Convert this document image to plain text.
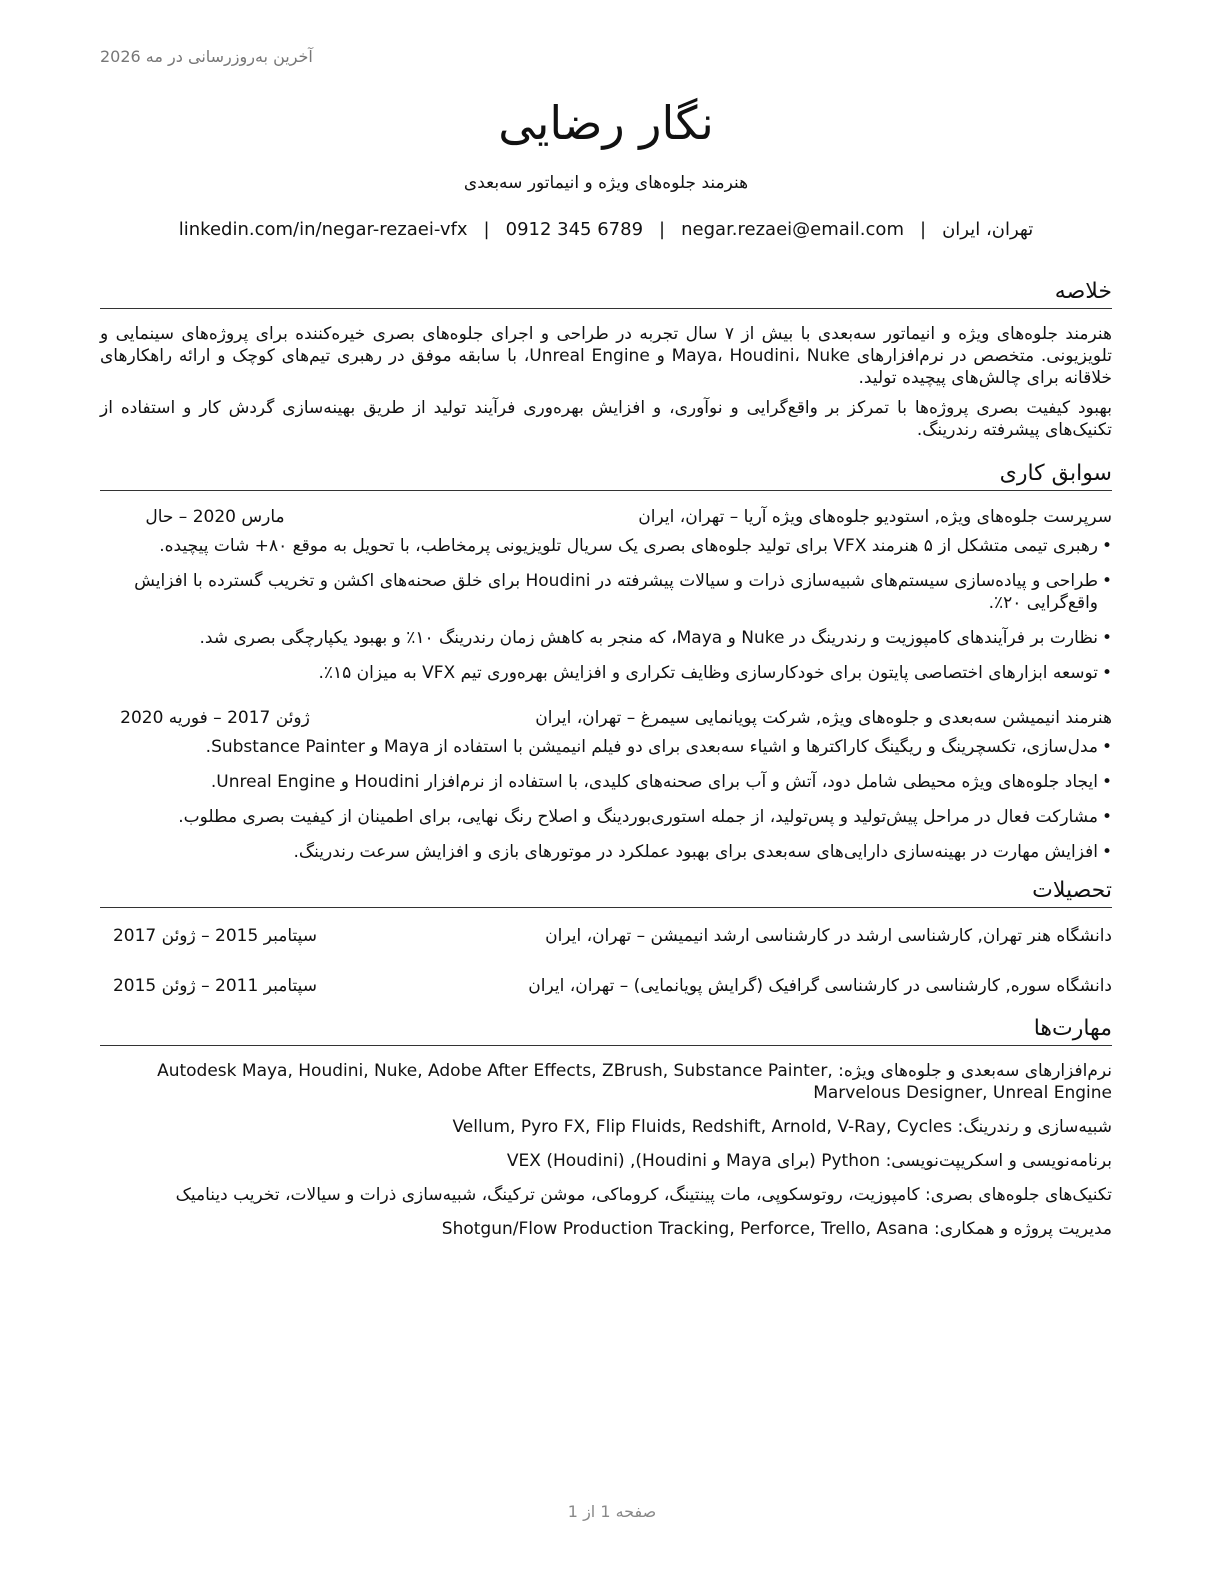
آخرین به‌روزرسانی در مه 2026
نگار رضایی
هنرمند جلوه‌های ویژه و انیماتور سه‌بعدی
تهران، ایران|negar.rezaei@email.com|0912 345 6789|linkedin.com/in/negar-rezaei-vfx
خلاصه

هنرمند جلوه‌های ویژه و انیماتور سه‌بعدی با بیش از ۷ سال تجربه در طراحی و اجرای جلوه‌های بصری خیره‌کننده برای پروژه‌های سینمایی و تلویزیونی. متخصص در نرم‌افزارهای Maya، Houdini، Nuke و Unreal Engine، با سابقه موفق در رهبری تیم‌های کوچک و ارائه راهکارهای خلاقانه برای چالش‌های پیچیده تولید.

بهبود کیفیت بصری پروژه‌ها با تمرکز بر واقع‌گرایی و نوآوری، و افزایش بهره‌وری فرآیند تولید از طریق بهینه‌سازی گردش کار و استفاده از تکنیک‌های پیشرفته رندرینگ.

سوابق کاری
سرپرست جلوه‌های ویژه, استودیو جلوه‌های ویژه آریا – تهران، ایران
مارس 2020 – حال
• رهبری تیمی متشکل از ۵ هنرمند VFX برای تولید جلوه‌های بصری یک سریال تلویزیونی پرمخاطب، با تحویل به موقع ۸۰+ شات پیچیده.
• طراحی و پیاده‌سازی سیستم‌های شبیه‌سازی ذرات و سیالات پیشرفته در Houdini برای خلق صحنه‌های اکشن و تخریب گسترده با افزایش واقع‌گرایی ۲۰٪.
• نظارت بر فرآیندهای کامپوزیت و رندرینگ در Nuke و Maya، که منجر به کاهش زمان رندرینگ ۱۰٪ و بهبود یکپارچگی بصری شد.
• توسعه ابزارهای اختصاصی پایتون برای خودکارسازی وظایف تکراری و افزایش بهره‌وری تیم VFX به میزان ۱۵٪.
هنرمند انیمیشن سه‌بعدی و جلوه‌های ویژه, شرکت پویانمایی سیمرغ – تهران، ایران
ژوئن 2017 – فوریه 2020
• مدل‌سازی، تکسچرینگ و ریگینگ کاراکترها و اشیاء سه‌بعدی برای دو فیلم انیمیشن با استفاده از Maya و Substance Painter.
• ایجاد جلوه‌های ویژه محیطی شامل دود، آتش و آب برای صحنه‌های کلیدی، با استفاده از نرم‌افزار Houdini و Unreal Engine.
• مشارکت فعال در مراحل پیش‌تولید و پس‌تولید، از جمله استوری‌بوردینگ و اصلاح رنگ نهایی، برای اطمینان از کیفیت بصری مطلوب.
• افزایش مهارت در بهینه‌سازی دارایی‌های سه‌بعدی برای بهبود عملکرد در موتورهای بازی و افزایش سرعت رندرینگ.
تحصیلات
دانشگاه هنر تهران, کارشناسی ارشد در کارشناسی ارشد انیمیشن – تهران، ایران
سپتامبر 2015 – ژوئن 2017
دانشگاه سوره, کارشناسی در کارشناسی گرافیک (گرایش پویانمایی) – تهران، ایران
سپتامبر 2011 – ژوئن 2015
مهارت‌ها
نرم‌افزارهای سه‌بعدی و جلوه‌های ویژه: Autodesk Maya, Houdini, Nuke, Adobe After Effects, ZBrush, Substance Painter, Marvelous Designer, Unreal Engine
شبیه‌سازی و رندرینگ: Vellum, Pyro FX, Flip Fluids, Redshift, Arnold, V-Ray, Cycles
برنامه‌نویسی و اسکریپت‌نویسی: Python (برای Maya و Houdini), VEX (Houdini)
تکنیک‌های جلوه‌های بصری: کامپوزیت، روتوسکوپی، مات پینتینگ، کروماکی، موشن ترکینگ، شبیه‌سازی ذرات و سیالات، تخریب دینامیک
مدیریت پروژه و همکاری: Shotgun/Flow Production Tracking, Perforce, Trello, Asana
صفحه 1 از 1
